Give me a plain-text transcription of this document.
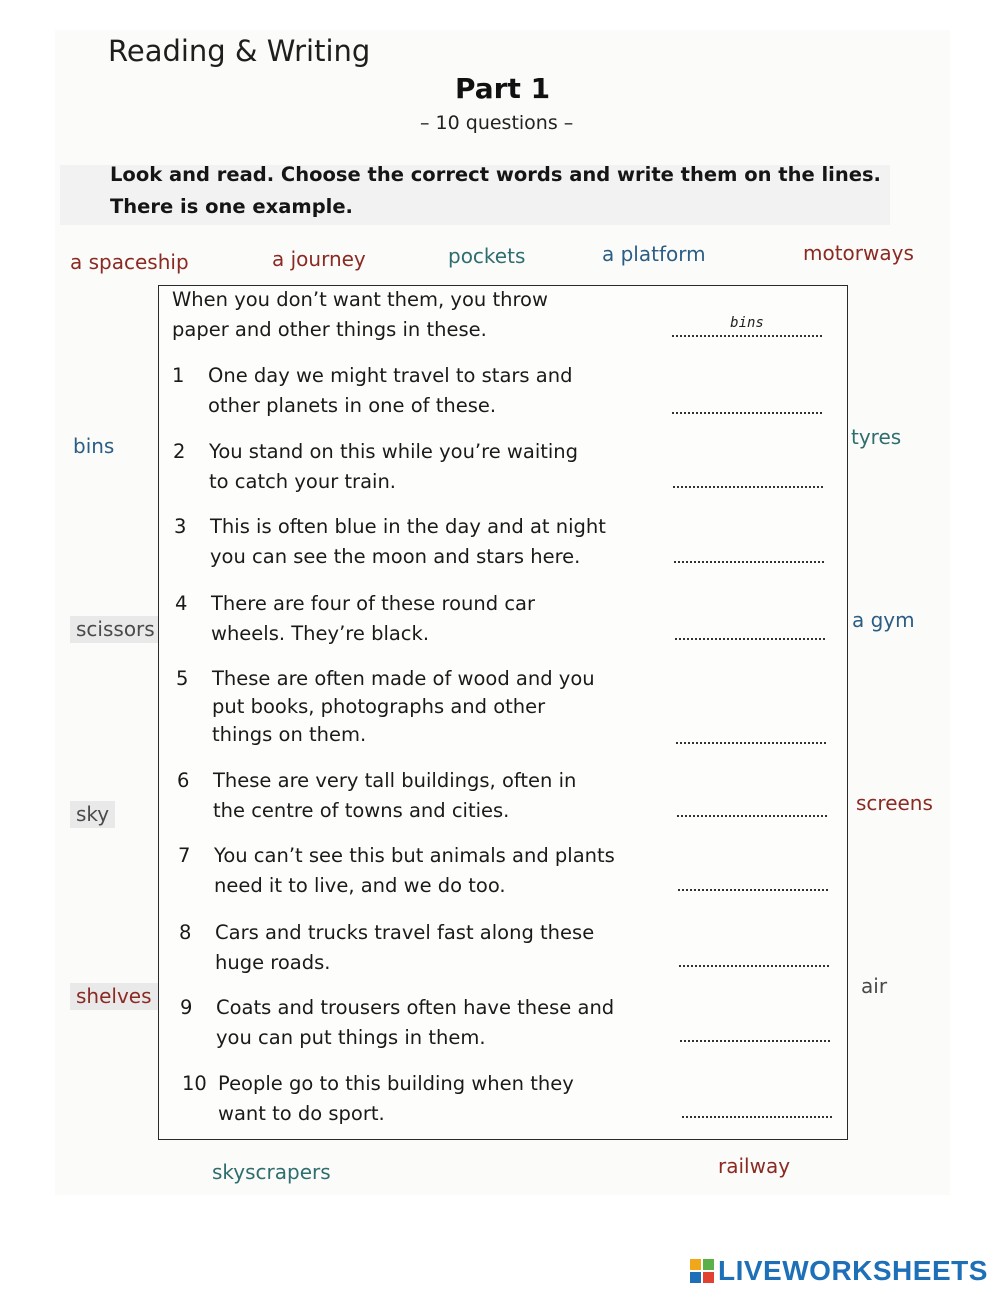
Reading & Writing
Part 1
– 10 questions –
Look and read. Choose the correct words and write them on the lines.
There is one example.
a spaceship	a journey	pockets	a platform	motorways
bins	tyres
scissors	a gym
sky	screens
shelves	air
skyscrapers	railway
When you don’t want them, you throw
paper and other things in these.
bins
1	One day we might travel to stars and
other planets in one of these.
2	You stand on this while you’re waiting
to catch your train.
3	This is often blue in the day and at night
you can see the moon and stars here.
4	There are four of these round car
wheels. They’re black.
5	These are often made of wood and you
put books, photographs and other
things on them.
6	These are very tall buildings, often in
the centre of towns and cities.
7	You can’t see this but animals and plants
need it to live, and we do too.
8	Cars and trucks travel fast along these
huge roads.
9	Coats and trousers often have these and
you can put things in them.
10 People go to this building when they
want to do sport.
LIVEWORKSHEETS
